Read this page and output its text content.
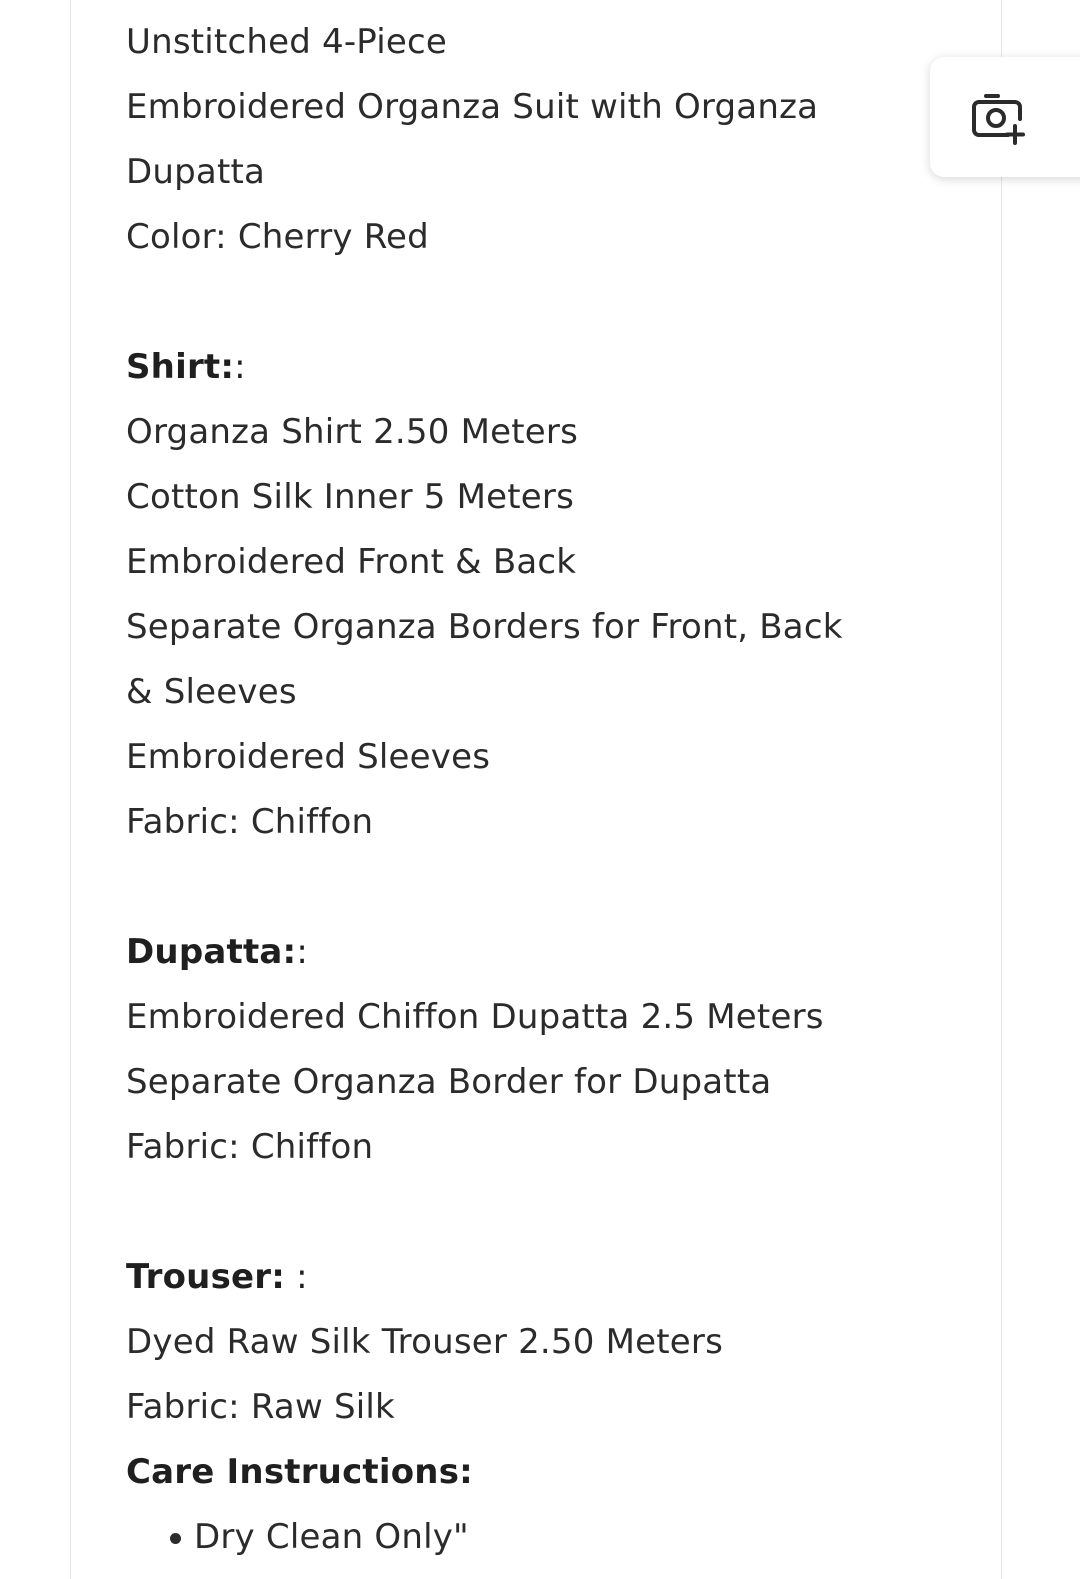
Unstitched 4-Piece
Embroidered Organza Suit with Organza
Dupatta
Color: Cherry Red
Shirt::
Organza Shirt 2.50 Meters
Cotton Silk Inner 5 Meters
Embroidered Front & Back
Separate Organza Borders for Front, Back
& Sleeves
Embroidered Sleeves
Fabric: Chiffon
Dupatta::
Embroidered Chiffon Dupatta 2.5 Meters
Separate Organza Border for Dupatta
Fabric: Chiffon
Trouser: :
Dyed Raw Silk Trouser 2.50 Meters
Fabric: Raw Silk
Care Instructions:
Dry Clean Only"
